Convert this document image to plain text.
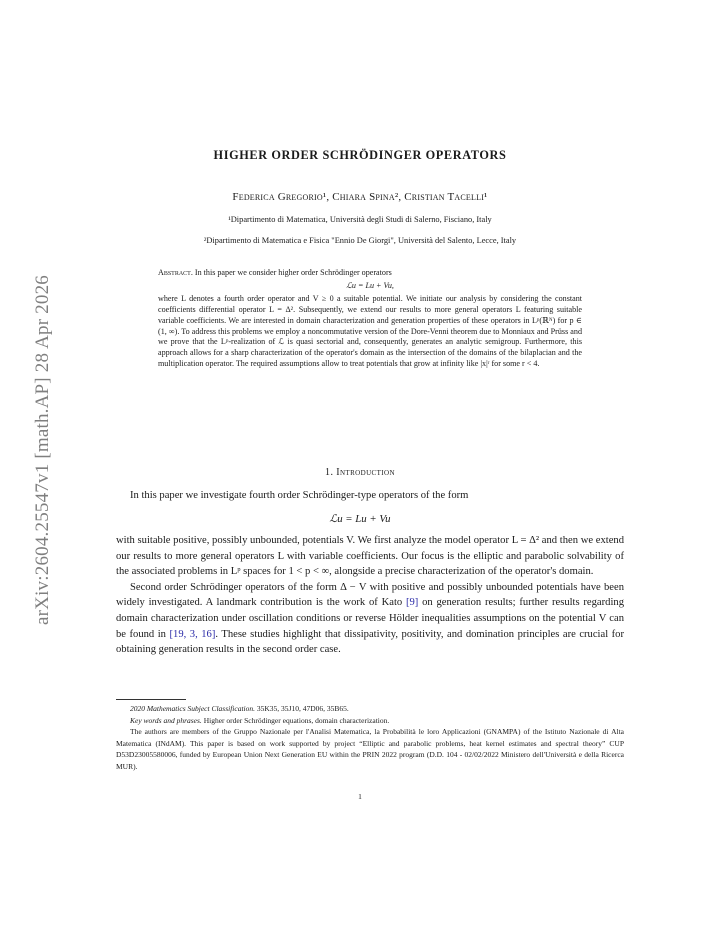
arXiv:2604.25547v1 [math.AP] 28 Apr 2026
HIGHER ORDER SCHRÖDINGER OPERATORS
Federica Gregorio¹, Chiara Spina², Cristian Tacelli¹
¹Dipartimento di Matematica, Università degli Studi di Salerno, Fisciano, Italy
²Dipartimento di Matematica e Fisica "Ennio De Giorgi", Università del Salento, Lecce, Italy

Abstract. In this paper we consider higher order Schrödinger operators

ℒu = Lu + Vu,

where L denotes a fourth order operator and V ≥ 0 a suitable potential. We initiate our analysis by considering the constant coefficients differential operator L = Δ². Subsequently, we extend our results to more general operators L featuring suitable variable coefficients. We are interested in domain characterization and generation properties of these operators in Lᵖ(ℝᴺ) for p ∈ (1, ∞). To address this problems we employ a noncommutative version of the Dore-Venni theorem due to Monniaux and Prüss and we prove that the Lᵖ-realization of ℒ is quasi sectorial and, consequently, generates an analytic semigroup. Furthermore, this approach allows for a sharp characterization of the operator's domain as the intersection of the domains of the bilaplacian and the multiplication operator. The required assumptions allow to treat potentials that grow at infinity like |x|ʳ for some r < 4.

1. Introduction

In this paper we investigate fourth order Schrödinger-type operators of the form

ℒu = Lu + Vu

with suitable positive, possibly unbounded, potentials V. We first analyze the model operator L = Δ² and then we extend our results to more general operators L with variable coefficients. Our focus is the elliptic and parabolic solvability of the associated problems in Lᵖ spaces for 1 < p < ∞, alongside a precise characterization of the operator's domain.

Second order Schrödinger operators of the form Δ − V with positive and possibly unbounded potentials have been widely investigated. A landmark contribution is the work of Kato [9] on generation results; further results regarding domain characterization under oscillation conditions or reverse Hölder inequalities assumptions on the potential V can be found in [19, 3, 16]. These studies highlight that dissipativity, positivity, and domination principles are crucial for obtaining generation results in the second order case.

2020 Mathematics Subject Classification. 35K35, 35J10, 47D06, 35B65.

Key words and phrases. Higher order Schrödinger equations, domain characterization.

The authors are members of the Gruppo Nazionale per l'Analisi Matematica, la Probabilità le loro Applicazioni (GNAMPA) of the Istituto Nazionale di Alta Matematica (INdAM). This paper is based on work supported by project “Elliptic and parabolic problems, heat kernel estimates and spectral theory” CUP D53D23005580006, funded by European Union Next Generation EU within the PRIN 2022 program (D.D. 104 - 02/02/2022 Ministero dell'Università e della Ricerca MUR).

1
